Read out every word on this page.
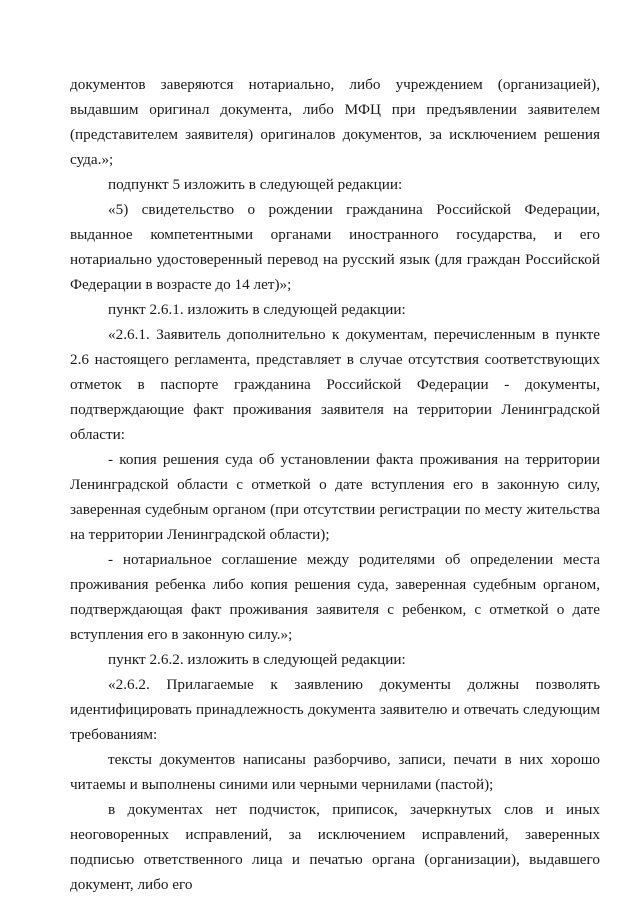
документов заверяются нотариально, либо учреждением (организацией), выдавшим оригинал документа, либо МФЦ при предъявлении заявителем (представителем заявителя) оригиналов документов, за исключением решения суда.»;

подпункт 5 изложить в следующей редакции:

«5) свидетельство о рождении гражданина Российской Федерации, выданное компетентными органами иностранного государства, и его нотариально удостоверенный перевод на русский язык (для граждан Российской Федерации в возрасте до 14 лет)»;

пункт 2.6.1. изложить в следующей редакции:

«2.6.1. Заявитель дополнительно к документам, перечисленным в пункте 2.6 настоящего регламента, представляет в случае отсутствия соответствующих отметок в паспорте гражданина Российской Федерации - документы, подтверждающие факт проживания заявителя на территории Ленинградской области:

- копия решения суда об установлении факта проживания на территории Ленинградской области с отметкой о дате вступления его в законную силу, заверенная судебным органом (при отсутствии регистрации по месту жительства на территории Ленинградской области);

- нотариальное соглашение между родителями об определении места проживания ребенка либо копия решения суда, заверенная судебным органом, подтверждающая факт проживания заявителя с ребенком, с отметкой о дате вступления его в законную силу.»;

пункт 2.6.2. изложить в следующей редакции:

«2.6.2. Прилагаемые к заявлению документы должны позволять идентифицировать принадлежность документа заявителю и отвечать следующим требованиям:

тексты документов написаны разборчиво, записи, печати в них хорошо читаемы и выполнены синими или черными чернилами (пастой);

в документах нет подчисток, приписок, зачеркнутых слов и иных неоговоренных исправлений, за исключением исправлений, заверенных подписью ответственного лица и печатью органа (организации), выдавшего документ, либо его
